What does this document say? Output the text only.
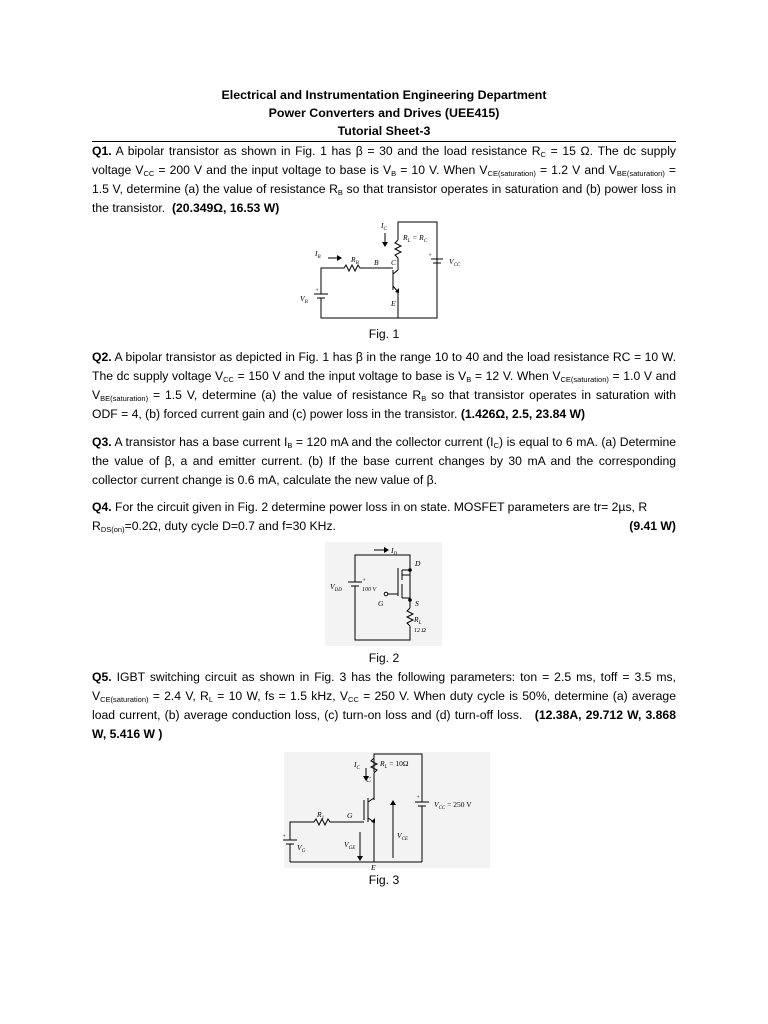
Electrical and Instrumentation Engineering Department
Power Converters and Drives (UEE415)
Tutorial Sheet-3

Q1. A bipolar transistor as shown in Fig. 1 has β = 30 and the load resistance $R_C = 15$ Ω. The dc supply voltage $V_{CC} = 200$ V and the input voltage to base is $V_B = 10$ V. When $V_{CE(saturation)} = 1.2$ V and $V_{BE(saturation)} = 1.5$ V, determine (a) the value of resistance $R_B$ so that transistor operates in saturation and (b) power loss in the transistor. (20.349Ω, 16.53 W)

$I_C$
$R_L = R_C$
C
B
E
$I_B$	$R_B$
$V_B$
$V_{CC}$
+
+
Fig. 1

Q2. A bipolar transistor as depicted in Fig. 1 has β in the range 10 to 40 and the load resistance RC = 10 W. The dc supply voltage $V_{CC} = 150$ V and the input voltage to base is $V_B = 12$ V. When $V_{CE(saturation)} = 1.0$ V and $V_{BE(saturation)} = 1.5$ V, determine (a) the value of resistance $R_B$ so that transistor operates in saturation with ODF = 4, (b) forced current gain and (c) power loss in the transistor. (1.426Ω, 2.5, 23.84 W)

Q3. A transistor has a base current $I_B = 120$ mA and the collector current $(I_C)$ is equal to 6 mA. (a) Determine the value of β, a and emitter current. (b) If the base current changes by 30 mA and the corresponding collector current change is 0.6 mA, calculate the new value of β.

Q4. For the circuit given in Fig. 2 determine power loss in on state. MOSFET parameters are tr= 2µs, R
$R_{DS(on)}=0.2\Omega$, duty cycle D=0.7 and f=30 KHz.	(9.41 W)

$I_D$
D
G	S
$V_{DD}$	100 V
$R_L$
12 Ω
+
Fig. 2

Q5. IGBT switching circuit as shown in Fig. 3 has the following parameters: ton = 2.5 ms, toff = 3.5 ms, $V_{CE(saturation)} = 2.4$ V, $R_L = 10$ W, fs = 1.5 kHz, $V_{CC} = 250$ V. When duty cycle is 50%, determine (a) average load current, (b) average conduction loss, (c) turn-on loss and (d) turn-off loss. (12.38A, 29.712 W, 3.868 W, 5.416 W )

$I_C$
$R_L = 10\Omega$
C
G
E
$R_1$
$V_G$
$V_{GE}$
$V_{CE}$
$V_{CC} = 250$ V
+
+
Fig. 3
